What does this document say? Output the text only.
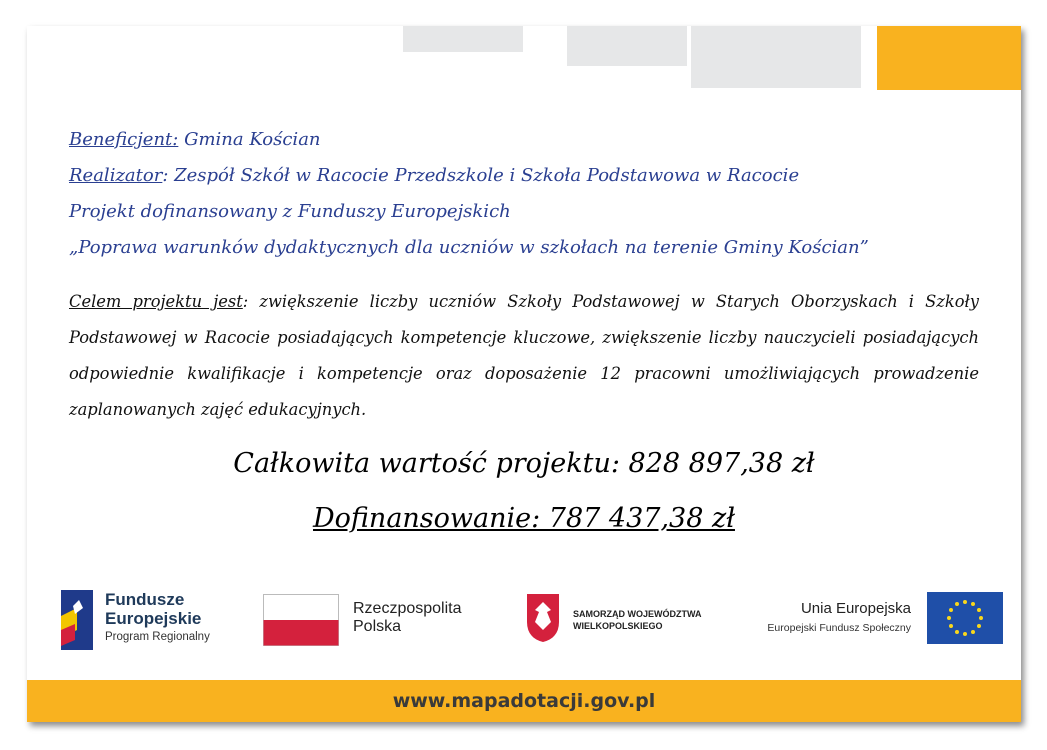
Beneficjent: Gmina Kościan
Realizator: Zespół Szkół w Racocie Przedszkole i Szkoła Podstawowa w Racocie
Projekt dofinansowany z Funduszy Europejskich
„Poprawa warunków dydaktycznych dla uczniów w szkołach na terenie Gminy Kościan”
Celem projektu jest: zwiększenie liczby uczniów Szkoły Podstawowej w Starych Oborzyskach i Szkoły Podstawowej w Racocie posiadających kompetencje kluczowe, zwiększenie liczby nauczycieli posiadających odpowiednie kwalifikacje i kompetencje oraz doposażenie 12 pracowni umożliwiających prowadzenie zaplanowanych zajęć edukacyjnych.
Całkowita wartość projektu: 828 897,38 zł
Dofinansowanie: 787 437,38 zł
Fundusze
Europejskie
Program Regionalny
Rzeczpospolita
Polska
SAMORZĄD WOJEWÓDZTWA
WIELKOPOLSKIEGO
Unia Europejska
Europejski Fundusz Społeczny
www.mapadotacji.gov.pl
